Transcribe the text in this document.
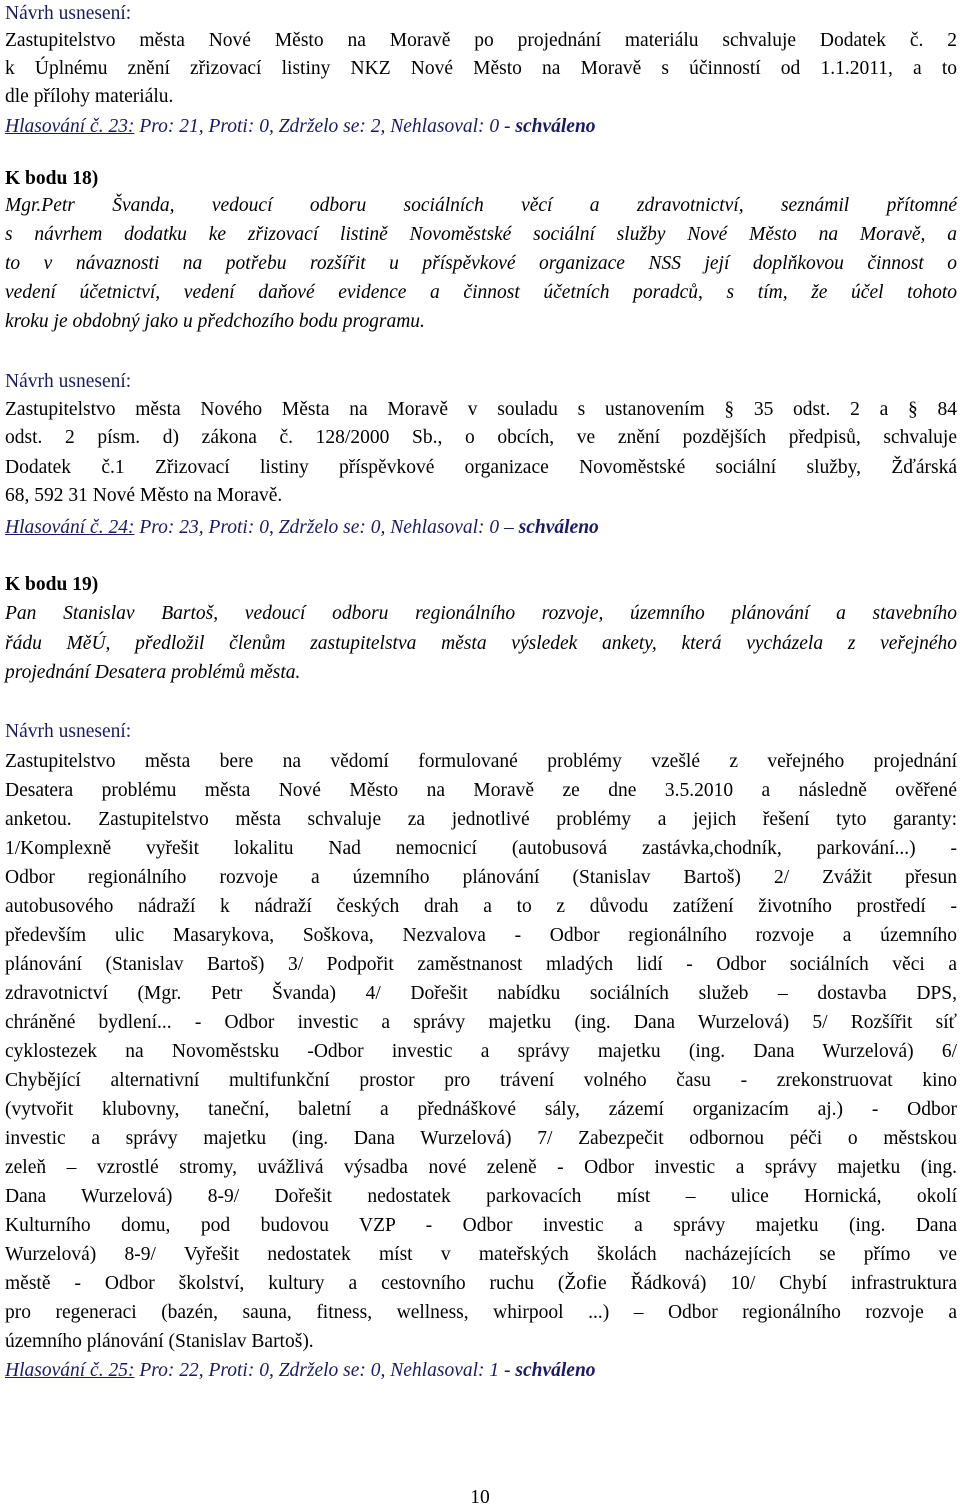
Návrh usnesení:
Zastupitelstvo města Nové Město na Moravě po projednání materiálu schvaluje Dodatek č. 2
k Úplnému znění zřizovací listiny NKZ Nové Město na Moravě s účinností od 1.1.2011, a to
dle přílohy materiálu.
Hlasování č. 23: Pro: 21, Proti: 0, Zdrželo se: 2, Nehlasoval: 0 - schváleno
K bodu 18)
Mgr.Petr Švanda, vedoucí odboru sociálních věcí a zdravotnictví, seznámil přítomné
s návrhem dodatku ke zřizovací listině Novoměstské sociální služby Nové Město na Moravě, a
to v návaznosti na potřebu rozšířit u příspěvkové organizace NSS její doplňkovou činnost o
vedení účetnictví, vedení daňové evidence a činnost účetních poradců, s tím, že účel tohoto
kroku je obdobný jako u předchozího bodu programu.
Návrh usnesení:
Zastupitelstvo města Nového Města na Moravě v souladu s ustanovením § 35 odst. 2 a § 84
odst. 2 písm. d) zákona č. 128/2000 Sb., o obcích, ve znění pozdějších předpisů, schvaluje
Dodatek č.1 Zřizovací listiny příspěvkové organizace Novoměstské sociální služby, Žďárská
68, 592 31 Nové Město na Moravě.
Hlasování č. 24: Pro: 23, Proti: 0, Zdrželo se: 0, Nehlasoval: 0 – schváleno
K bodu 19)
Pan Stanislav Bartoš, vedoucí odboru regionálního rozvoje, územního plánování a stavebního
řádu MěÚ, předložil členům zastupitelstva města výsledek ankety, která vycházela z veřejného
projednání Desatera problémů města.
Návrh usnesení:
Zastupitelstvo města bere na vědomí formulované problémy vzešlé z veřejného projednání
Desatera problému města Nové Město na Moravě ze dne 3.5.2010 a následně ověřené
anketou. Zastupitelstvo města schvaluje za jednotlivé problémy a jejich řešení tyto garanty:
1/Komplexně vyřešit lokalitu Nad nemocnicí (autobusová zastávka,chodník, parkování...) -
Odbor regionálního rozvoje a územního plánování (Stanislav Bartoš) 2/ Zvážit přesun
autobusového nádraží k nádraží českých drah a to z důvodu zatížení životního prostředí -
především ulic Masarykova, Soškova, Nezvalova - Odbor regionálního rozvoje a územního
plánování (Stanislav Bartoš) 3/ Podpořit zaměstnanost mladých lidí - Odbor sociálních věci a
zdravotnictví (Mgr. Petr Švanda) 4/ Dořešit nabídku sociálních služeb – dostavba DPS,
chráněné bydlení... - Odbor investic a správy majetku (ing. Dana Wurzelová) 5/ Rozšířit síť
cyklostezek na Novoměstsku -Odbor investic a správy majetku (ing. Dana Wurzelová) 6/
Chybějící alternativní multifunkční prostor pro trávení volného času - zrekonstruovat kino
(vytvořit klubovny, taneční, baletní a přednáškové sály, zázemí organizacím aj.) - Odbor
investic a správy majetku (ing. Dana Wurzelová) 7/ Zabezpečit odbornou péči o městskou
zeleň – vzrostlé stromy, uvážlivá výsadba nové zeleně - Odbor investic a správy majetku (ing.
Dana Wurzelová) 8-9/ Dořešit nedostatek parkovacích míst – ulice Hornická, okolí
Kulturního domu, pod budovou VZP - Odbor investic a správy majetku (ing. Dana
Wurzelová) 8-9/ Vyřešit nedostatek míst v mateřských školách nacházejících se přímo ve
městě - Odbor školství, kultury a cestovního ruchu (Žofie Řádková) 10/ Chybí infrastruktura
pro regeneraci (bazén, sauna, fitness, wellness, whirpool ...) – Odbor regionálního rozvoje a
územního plánování (Stanislav Bartoš).
Hlasování č. 25: Pro: 22, Proti: 0, Zdrželo se: 0, Nehlasoval: 1 - schváleno
10
